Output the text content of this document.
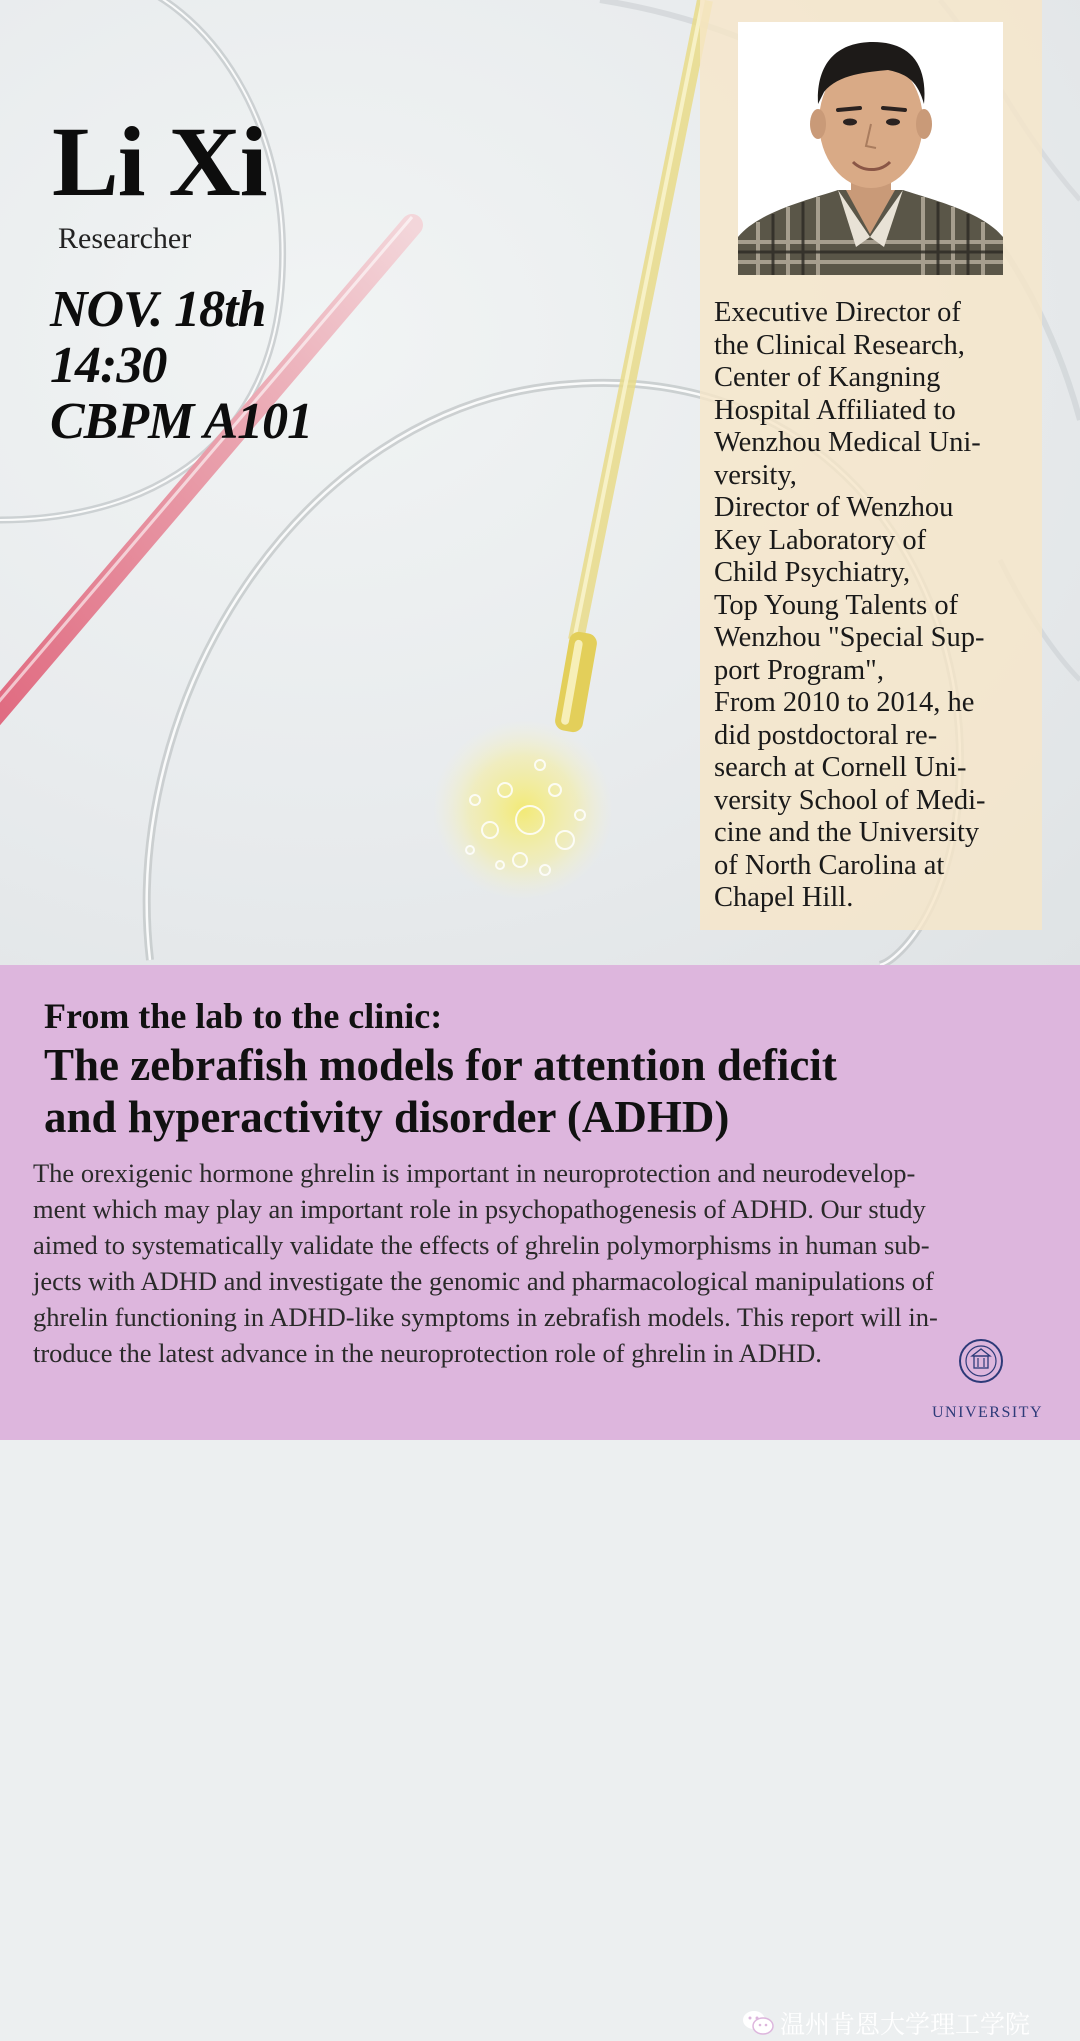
Li Xi
Researcher
NOV. 18th
14:30
CBPM A101
Executive Director of
the Clinical Research,
Center of Kangning
Hospital Affiliated to
Wenzhou Medical Uni-
versity,
Director of Wenzhou
Key Laboratory of
Child Psychiatry,
Top Young Talents of
Wenzhou "Special Sup-
port Program",
From 2010 to 2014, he
did postdoctoral re-
search at Cornell Uni-
versity School of Medi-
cine and the University
of North Carolina at
Chapel Hill.
From the lab to the clinic:
The zebrafish models for attention deficit
and hyperactivity disorder (ADHD)
The orexigenic hormone ghrelin is important in neuroprotection and neurodevelop-
ment which may play an important role in psychopathogenesis of ADHD. Our study
aimed to systematically validate the effects of ghrelin polymorphisms in human sub-
jects with ADHD and investigate the genomic and pharmacological manipulations of
ghrelin functioning in ADHD-like symptoms in zebrafish models. This report will in-
troduce the latest advance in the neuroprotection role of ghrelin in ADHD.
温州肯恩大学理工学院
UNIVERSITY
